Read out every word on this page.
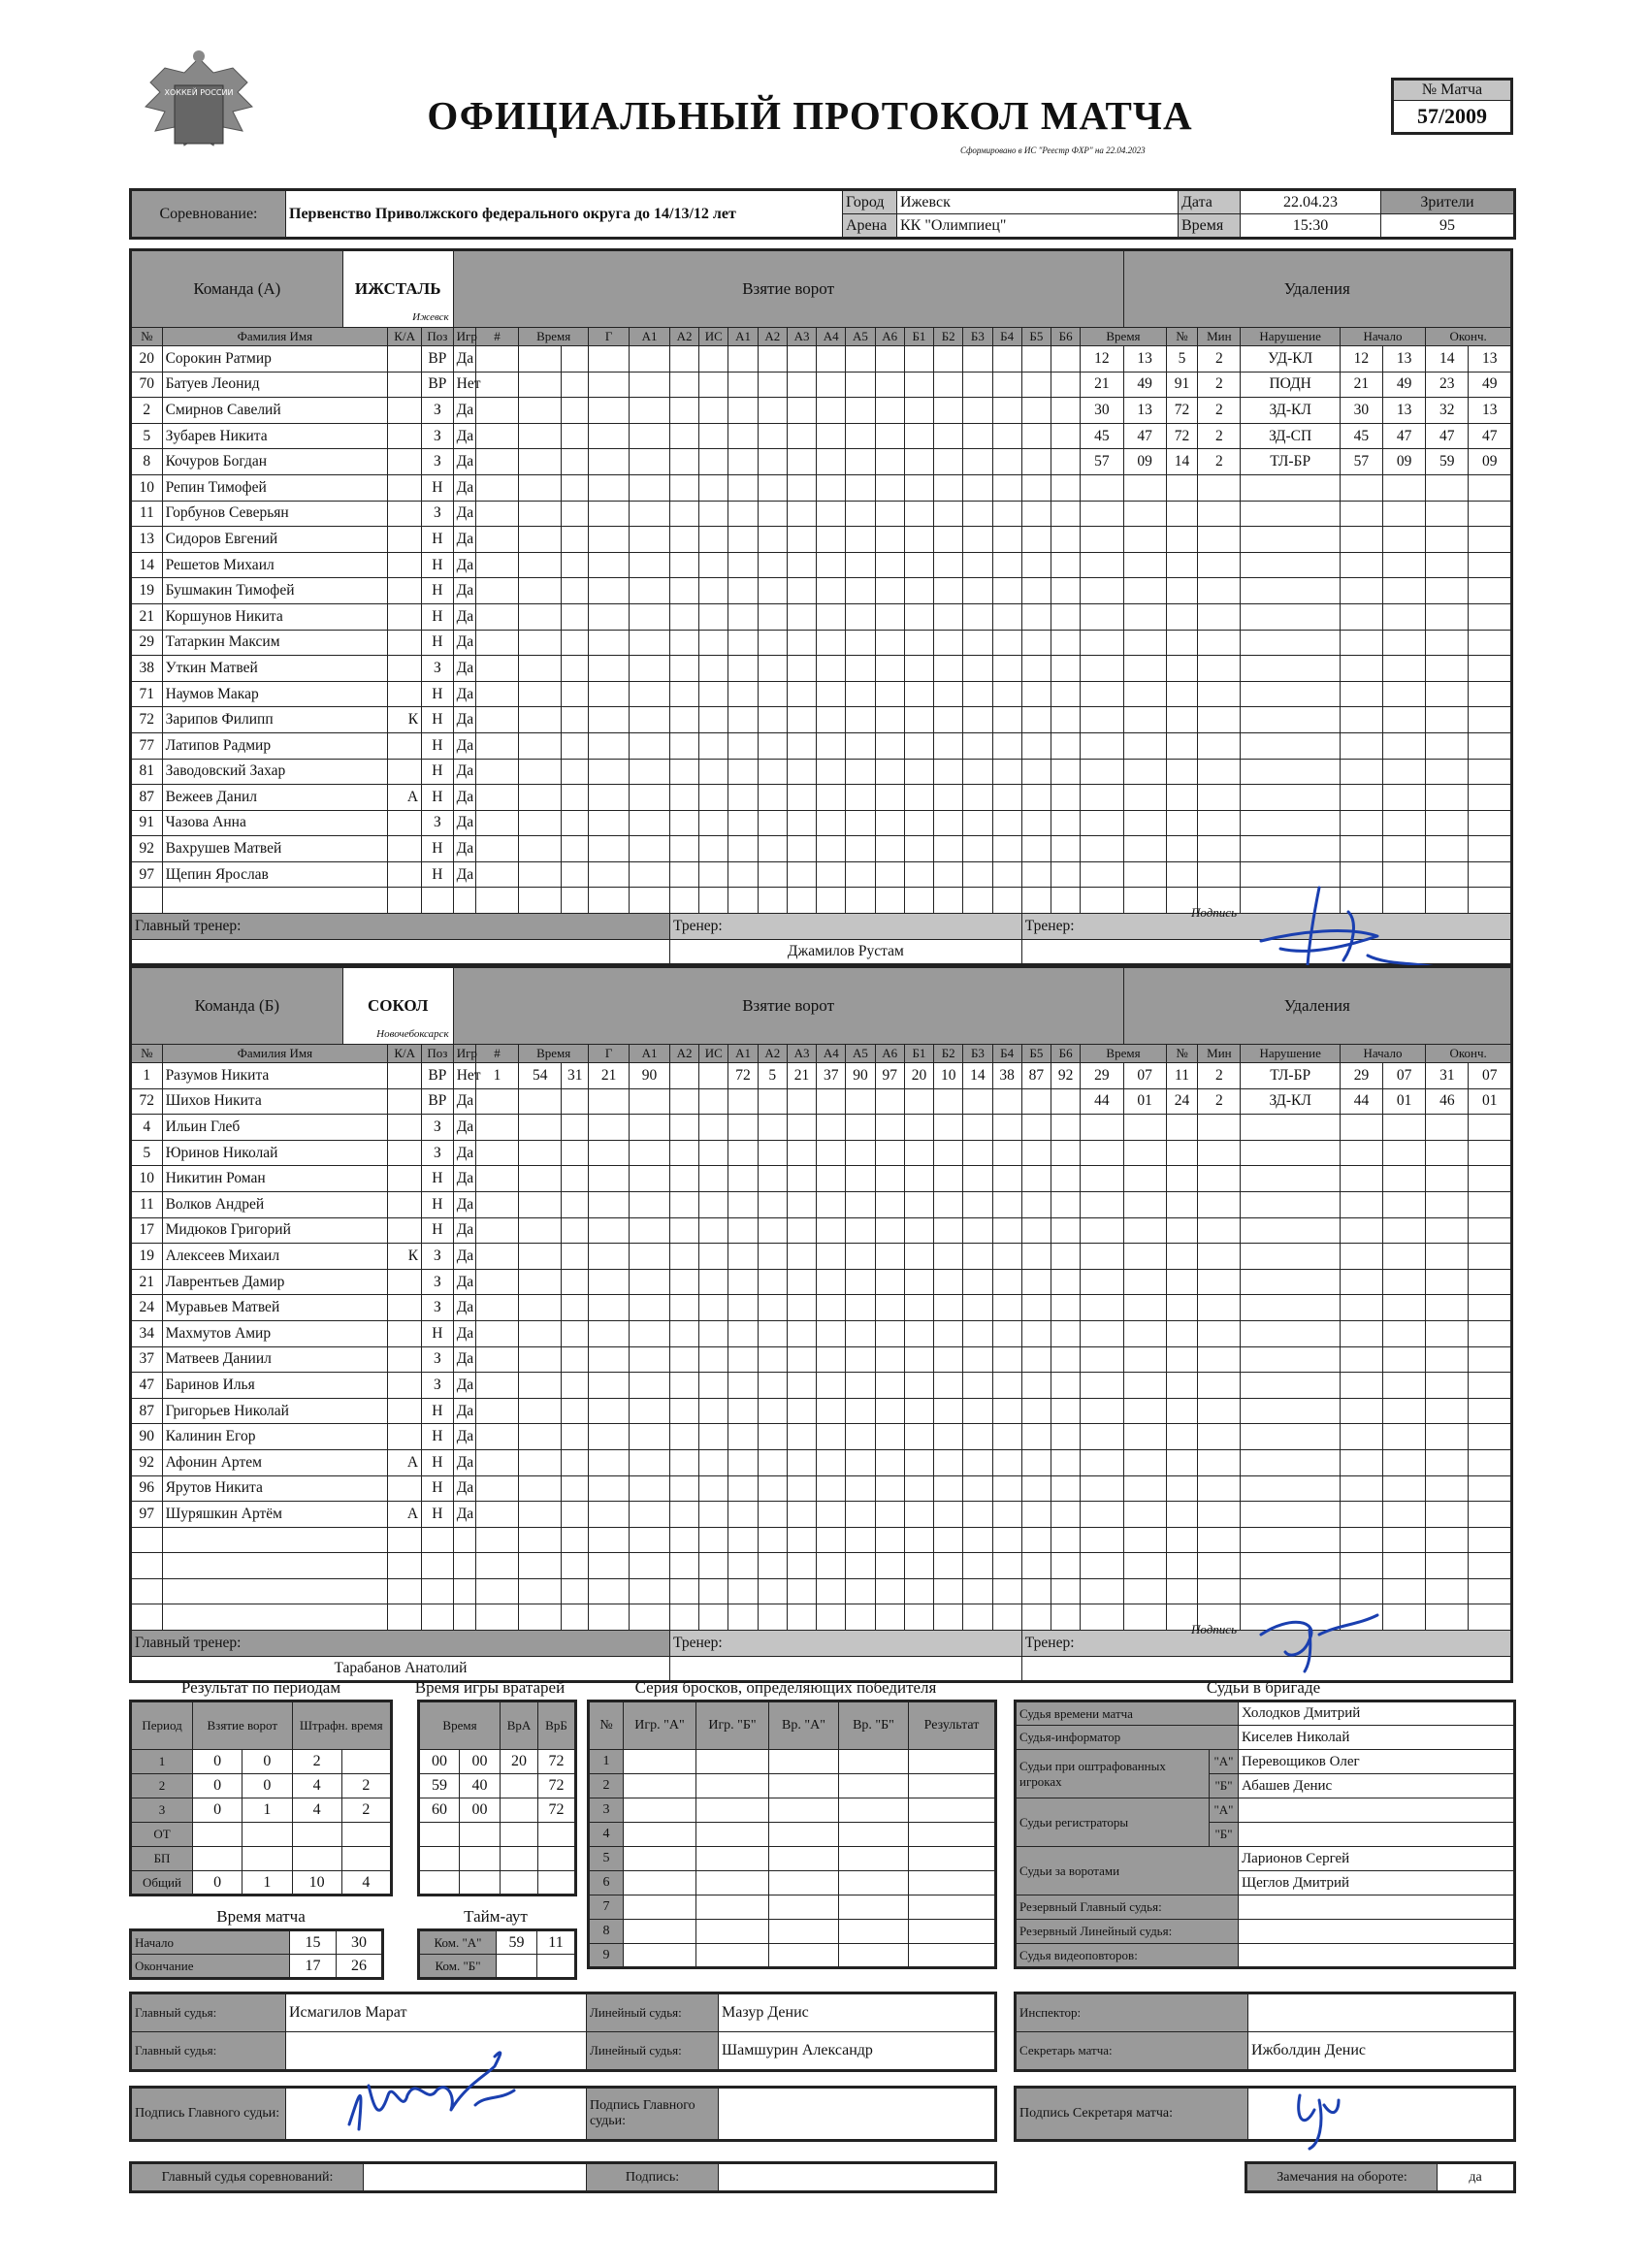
ХОККЕЙ РОССИИ
ОФИЦИАЛЬНЫЙ ПРОТОКОЛ МАТЧА
Сформировано в ИС "Реестр ФХР" на 22.04.2023
№ Матча
57/2009
Соревнование:	Первенство Приволжского федерального округа до 14/13/12 лет	Город	Ижевск	Дата	22.04.23	Зрители
		Арена	КК "Олимпиец"	Время	15:30	95
Команда (А)		ИЖСТАЛЬ
Ижевск			Взятие ворот																					Удаления							
№	Фамилия Имя		К/А	Поз	Игр	#	Время		Г	А1	А2	ИС	А1	А2	А3	А4	А5	А6	Б1	Б2	Б3	Б4	Б5	Б6	Время		№	Мин	Нарушение	Начало		Оконч.	
20	Сорокин Ратмир			ВР	Да																				12	13	5	2	УД-КЛ	12	13	14	13
70	Батуев Леонид			ВР	Нет																				21	49	91	2	ПОДН	21	49	23	49
2	Смирнов Савелий			З	Да																				30	13	72	2	ЗД-КЛ	30	13	32	13
5	Зубарев Никита			З	Да																				45	47	72	2	ЗД-СП	45	47	47	47
8	Кочуров Богдан			З	Да																				57	09	14	2	ТЛ-БР	57	09	59	09
10	Репин Тимофей			Н	Да																												
11	Горбунов Северьян			З	Да																												
13	Сидоров Евгений			Н	Да																												
14	Решетов Михаил			Н	Да																												
19	Бушмакин Тимофей			Н	Да																												
21	Коршунов Никита			Н	Да																												
29	Татаркин Максим			Н	Да																												
38	Уткин Матвей			З	Да																												
71	Наумов Макар			Н	Да																												
72	Зарипов Филипп		К	Н	Да																												
77	Латипов Радмир			Н	Да																												
81	Заводовский Захар			Н	Да																												
87	Вежеев Данил		А	Н	Да																												
91	Чазова Анна			З	Да																												
92	Вахрушев Матвей			Н	Да																												
97	Щепин Ярослав			Н	Да																												

Главный тренер:											Тренер:												Тренер:										
											Джамилов Рустам																						
Команда (Б)		СОКОЛ
Новочебоксарск			Взятие ворот																					Удаления							
№	Фамилия Имя		К/А	Поз	Игр	#	Время		Г	А1	А2	ИС	А1	А2	А3	А4	А5	А6	Б1	Б2	Б3	Б4	Б5	Б6	Время		№	Мин	Нарушение	Начало		Оконч.	
1	Разумов Никита			ВР	Нет	1	54	31	21	90			72	5	21	37	90	97	20	10	14	38	87	92	29	07	11	2	ТЛ-БР	29	07	31	07
72	Шихов Никита			ВР	Да																				44	01	24	2	ЗД-КЛ	44	01	46	01
4	Ильин Глеб			З	Да																												
5	Юринов Николай			З	Да																												
10	Никитин Роман			Н	Да																												
11	Волков Андрей			Н	Да																												
17	Мидюков Григорий			Н	Да																												
19	Алексеев Михаил		К	З	Да																												
21	Лаврентьев Дамир			З	Да																												
24	Муравьев Матвей			З	Да																												
34	Махмутов Амир			Н	Да																												
37	Матвеев Даниил			З	Да																												
47	Баринов Илья			З	Да																												
87	Григорьев Николай			Н	Да																												
90	Калинин Егор			Н	Да																												
92	Афонин Артем		А	Н	Да																												
96	Ярутов Никита			Н	Да																												
97	Шуряшкин Артём		А	Н	Да																												

Главный тренер:											Тренер:												Тренер:										
Тарабанов Анатолий																																	
Результат по периодам	Время игры вратарей	Серия бросков, определяющих победителя	Судьи в бригаде
Период	Взятие ворот		Штрафн. время	
1	0	0	2	
2	0	0	4	2
3	0	1	4	2
ОТ				
БП				
Общий	0	1	10	4
Время		ВрА	ВрБ
00	00	20	72
59	40		72
60	00		72

Время матча	Тайм-аут
Начало	15	30
Окончание	17	26
Ком. "А"	59	11
Ком. "Б"		
№	Игр. "А"	Игр. "Б"	Вр. "А"	Вр. "Б"	Результат
1					
2					
3					
4					
5					
6					
7					
8					
9					
Судья времени матча		Холодков Дмитрий
Судья-информатор		Киселев Николай
Судьи при оштрафованных игроках	"А"	Перевощиков Олег
	"Б"	Абашев Денис
Судьи регистраторы	"А"	
	"Б"	
Судьи за воротами		Ларионов Сергей
		Щеглов Дмитрий
Резервный Главный судья:		
Резервный Линейный судья:		
Судья видеоповторов:		
Главный судья:	Исмагилов Марат	Линейный судья:	Мазур Денис
Главный судья:		Линейный судья:	Шамшурин Александр
Инспектор:	
Секретарь матча:	Ижболдин Денис
Подпись Главного судьи:		Подпись Главного судьи:	
Подпись Секретаря матча:	
Главный судья соревнований:		Подпись:		Замечания на обороте:	да
Подпись
Подпись
